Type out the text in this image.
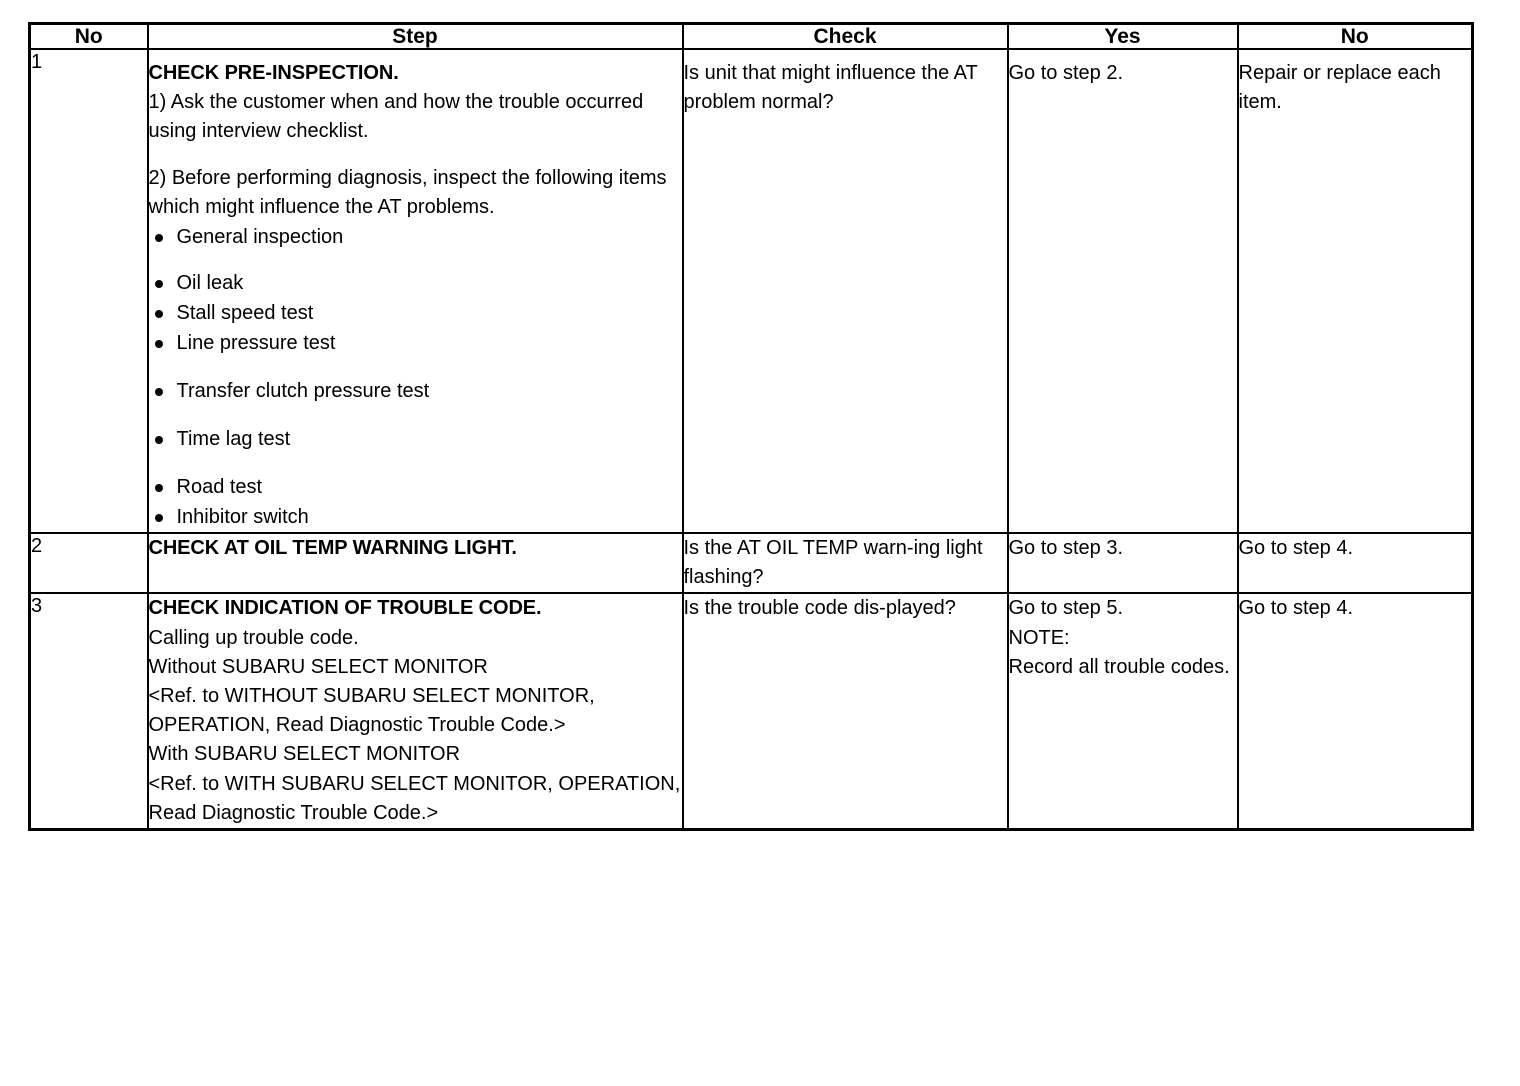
No	Step	Check	Yes	No
1	CHECK PRE-INSPECTION.
1) Ask the customer when and how the trouble occurred using interview checklist.
2) Before performing diagnosis, inspect the following items which might influence the AT problems.
General inspection
Oil leak
Stall speed test
Line pressure test
Transfer clutch pressure test
Time lag test
Road test
Inhibitor switch
	Is unit that might influence the AT problem normal?	Go to step 2.	Repair or replace each item.
2	CHECK AT OIL TEMP WARNING LIGHT.	Is the AT OIL TEMP warn-ing light flashing?	Go to step 3.	Go to step 4.
3	CHECK INDICATION OF TROUBLE CODE.
Calling up trouble code.
Without SUBARU SELECT MONITOR
<Ref. to WITHOUT SUBARU SELECT MONITOR, OPERATION, Read Diagnostic Trouble Code.>
With SUBARU SELECT MONITOR
<Ref. to WITH SUBARU SELECT MONITOR, OPERATION, Read Diagnostic Trouble Code.>
	Is the trouble code dis-played?	Go to step 5.
NOTE:
Record all trouble codes.
	Go to step 4.
